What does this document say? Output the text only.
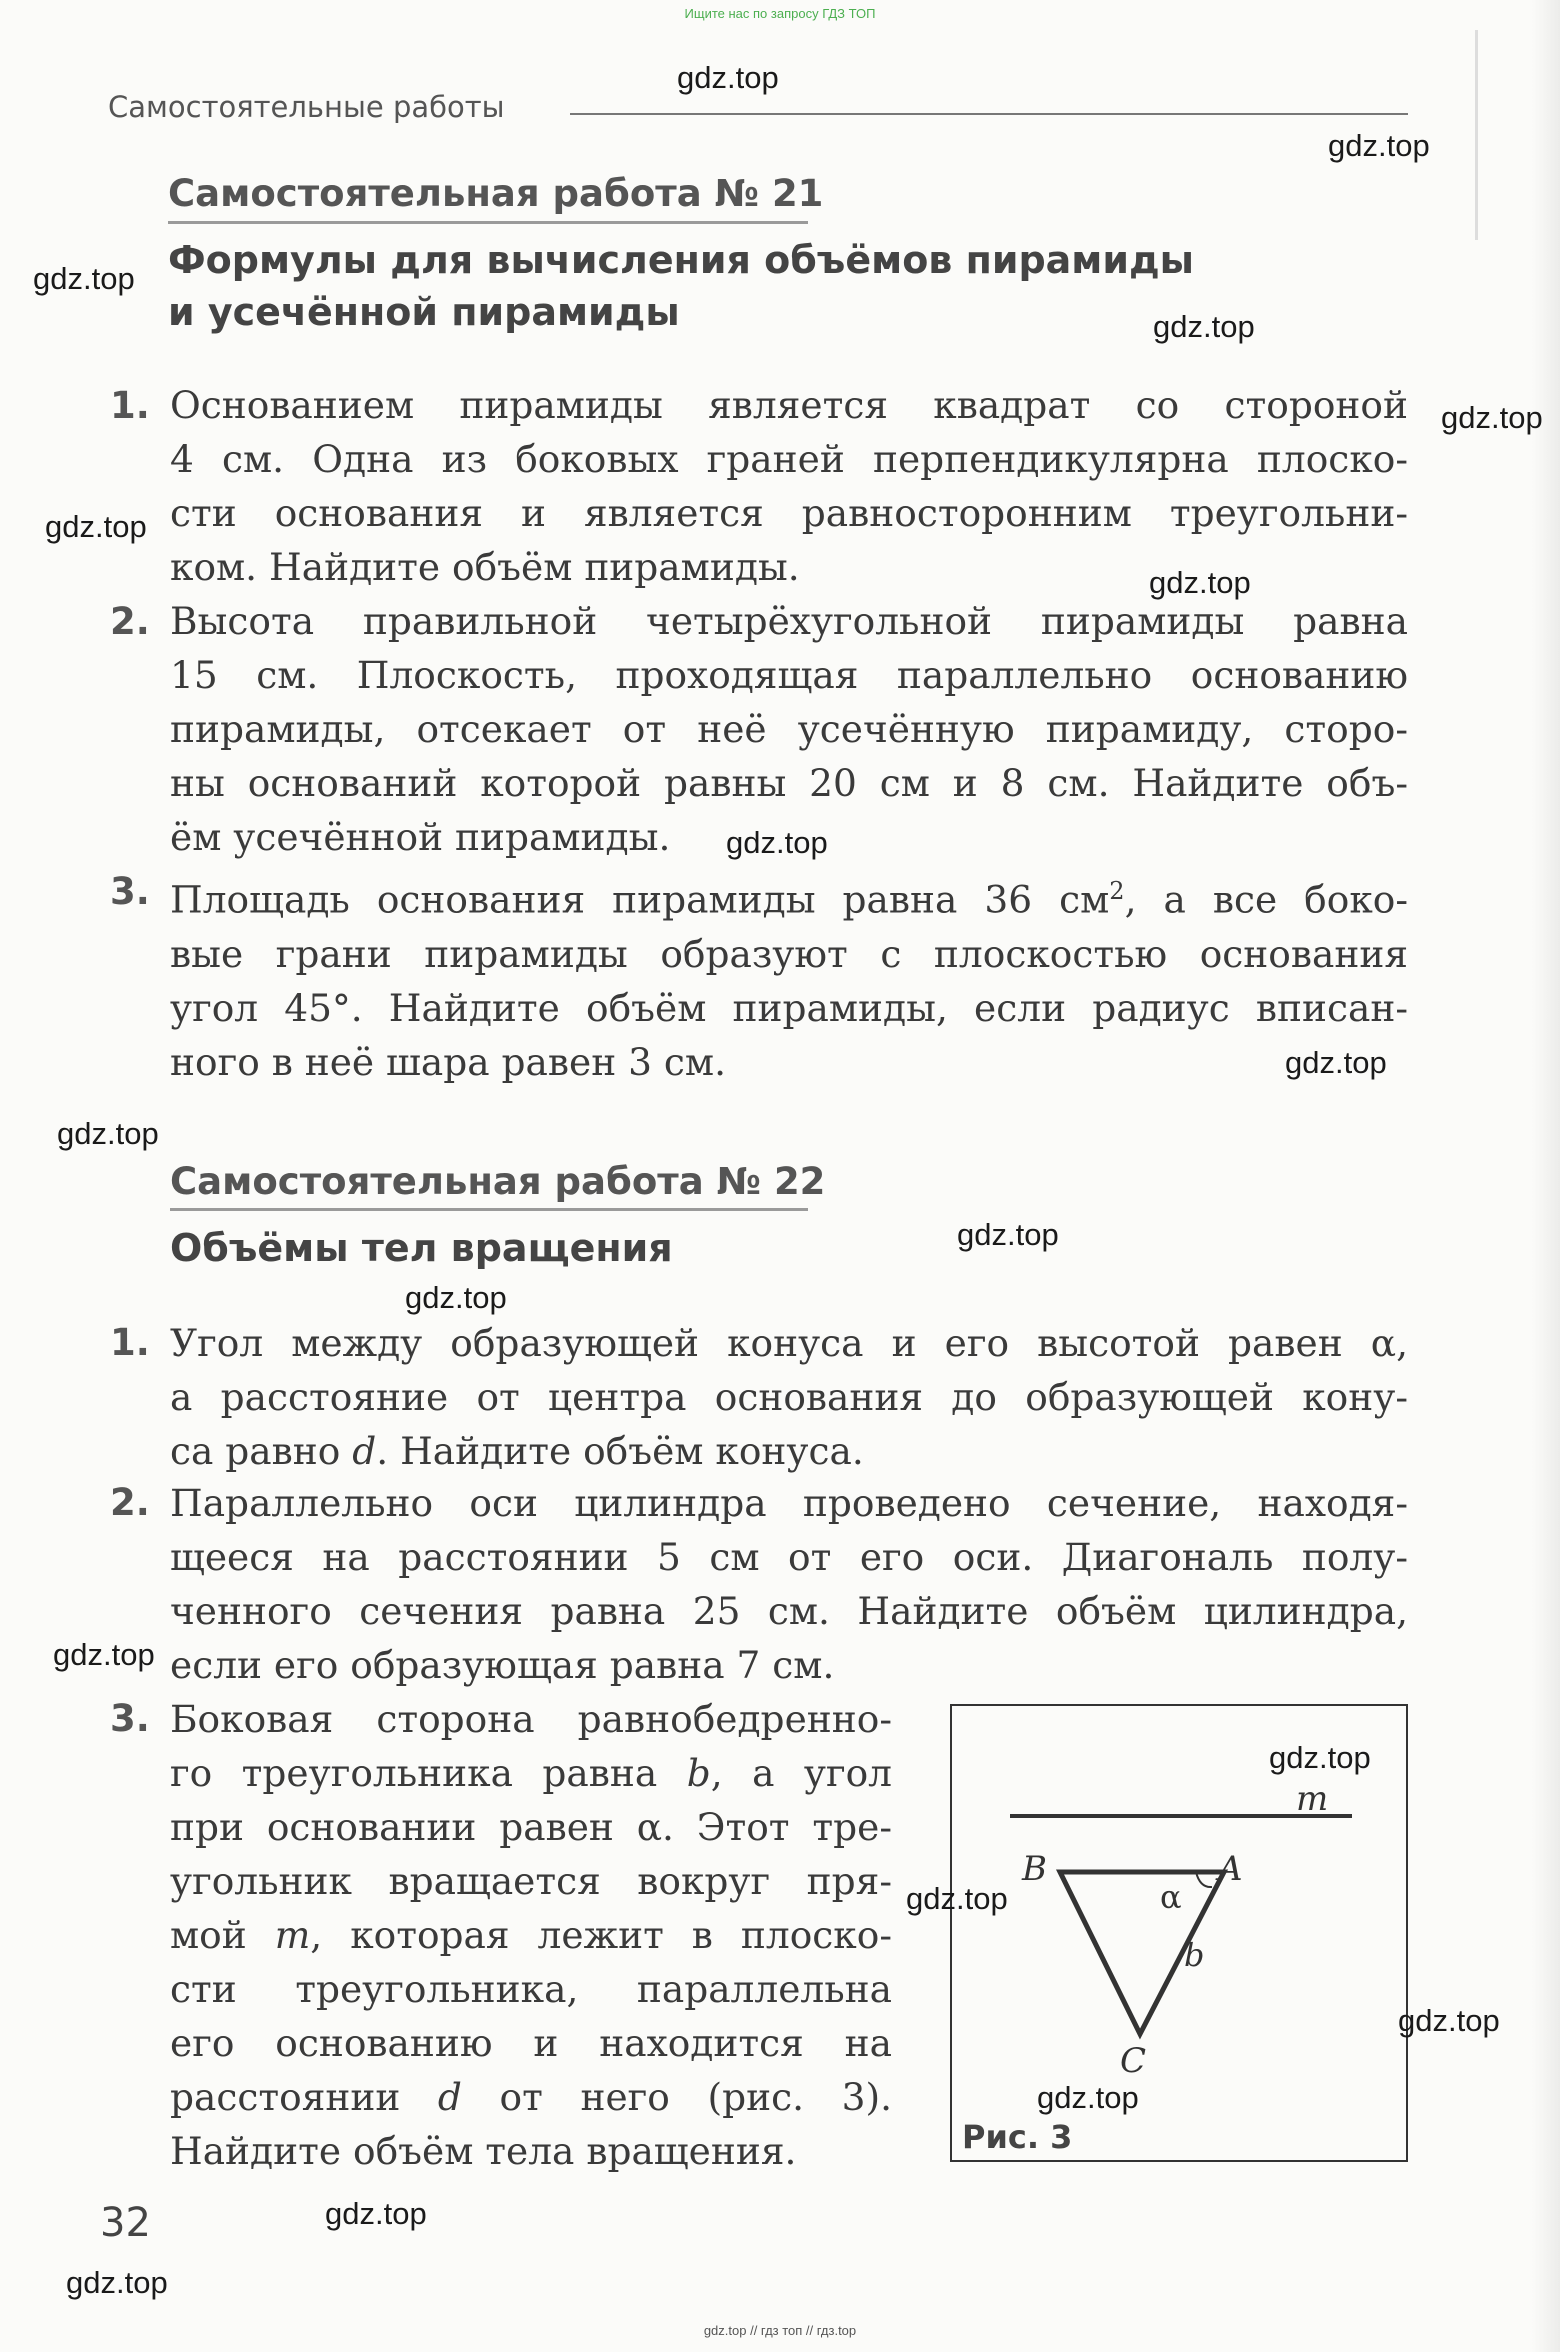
Ищите нас по запросу ГДЗ ТОП
Самостоятельные работы
Самостоятельная работа № 21
Формулы для вычисления объёмов пирамиды
и усечённой пирамиды
1. Основанием пирамиды является квадрат со стороной
4 см. Одна из боковых граней перпендикулярна плоско-
сти основания и является равносторонним треугольни-
ком. Найдите объём пирамиды.
2. Высота правильной четырёхугольной пирамиды равна
15 см. Плоскость, проходящая параллельно основанию
пирамиды, отсекает от неё усечённую пирамиду, сторо-
ны оснований которой равны 20 см и 8 см. Найдите объ-
ём усечённой пирамиды.
3. Площадь основания пирамиды равна 36 $см^2$, а все боко-
вые грани пирамиды образуют с плоскостью основания
угол 45°. Найдите объём пирамиды, если радиус вписан-
ного в неё шара равен 3 см.
Самостоятельная работа № 22
Объёмы тел вращения
1. Угол между образующей конуса и его высотой равен α,
а расстояние от центра основания до образующей кону-
са равно d. Найдите объём конуса.
2. Параллельно оси цилиндра проведено сечение, находя-
щееся на расстоянии 5 см от его оси. Диагональ полу-
ченного сечения равна 25 см. Найдите объём цилиндра,
если его образующая равна 7 см.
3. Боковая сторона равнобедренно-
го треугольника равна b, а угол
при основании равен α. Этот тре-
угольник вращается вокруг пря-
мой m, которая лежит в плоско-
сти треугольника, параллельна
его основанию и находится на
расстоянии d от него (рис. 3).
Найдите объём тела вращения.
m
B	A
α
b
C
Рис. 3
32
gdz.top
gdz.top
gdz.top
gdz.top
gdz.top
gdz.top
gdz.top
gdz.top
gdz.top
gdz.top
gdz.top
gdz.top
gdz.top
gdz.top
gdz.top
gdz.top
gdz.top
gdz.top
gdz.top
gdz.top // гдз топ // гдз.top
